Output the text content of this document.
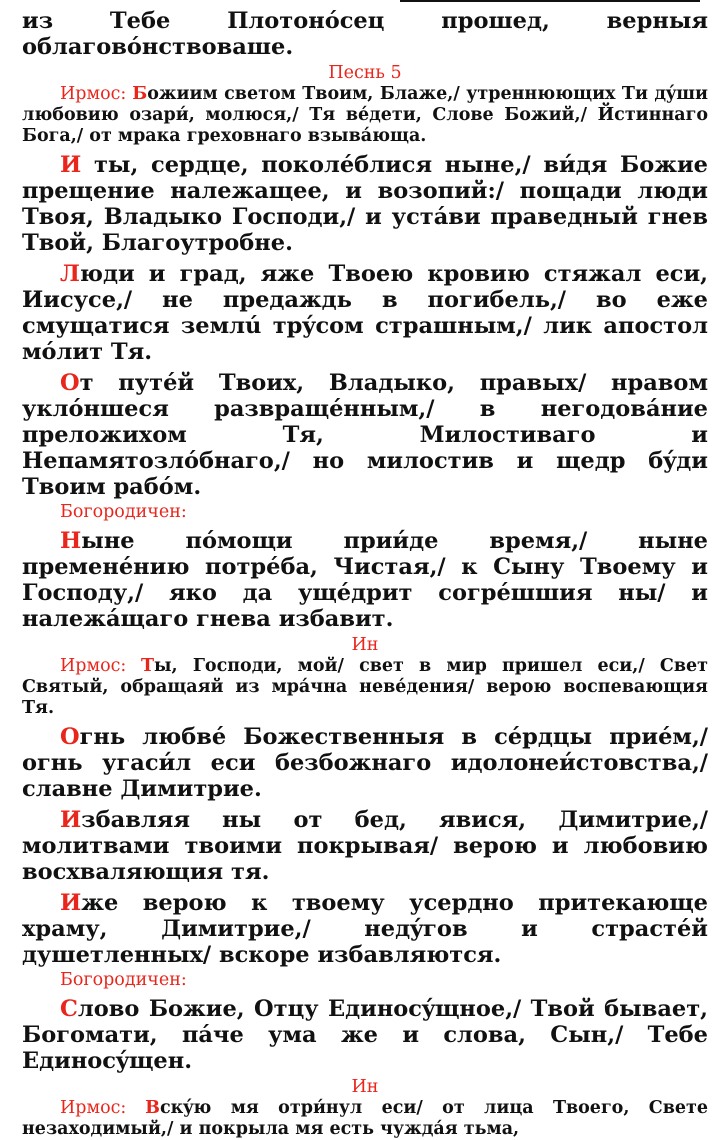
из Тебе Плотонóсец прошед, верныя облаговóнствоваше.

Песнь 5

Ирмос: Божиим светом Твоим, Блаже,/ утреннюющих Ти дýши любовию озари́, молюся,/ Тя вéдети, Слове Божий,/ Йстиннаго Бога,/ от мрака греховнаго взывáюща.

И ты, сердце, поколéблися ныне,/ ви́дя Божие прещение належащее, и возопий:/ пощади люди Твоя, Владыко Господи,/ и устáви праведный гнев Твой, Благоутробне.

Люди и град, яже Твоею кровию стяжал еси, Иисусе,/ не предаждь в погибель,/ во еже смущатися землú трýсом страшным,/ лик апостол мóлит Тя.

От путéй Твоих, Владыко, правых/ нравом уклóншеся развращéнным,/ в негодовáние преложихом Тя, Милостиваго и Непамятозлóбнаго,/ но милостив и щедр бýди Твоим рабóм.

Богородичен:

Ныне пóмощи прии́де время,/ ныне пременéнию потрéба, Чистая,/ к Сыну Твоему и Господу,/ яко да ущéдрит согрéшшия ны/ и належáщаго гнева избавит.

Ин

Ирмос: Ты, Господи, мой/ свет в мир пришел еси,/ Свет Святый, обращаяй из мрáчна невéдения/ верою воспевающия Тя.

Огнь любвé Божественныя в сéрдцы приéм,/ огнь угаси́л еси безбожнаго идолонеи́стовства,/ славне Димитрие.

Избавляя ны от бед, явися, Димитрие,/ молитвами твоими покрывая/ верою и любовию восхваляющия тя.

Иже верою к твоему усердно притекающе храму, Димитрие,/ недýгов и страстéй душетленных/ вскоре избавляются.

Богородичен:

Слово Божие, Отцу Единосýщное,/ Твой бывает, Богомати, пáче ума же и слова, Сын,/ Тебе Единосýщен.

Ин

Ирмос: Вскýю мя отри́нул еси/ от лица Твоего, Свете незаходимый,/ и покрыла мя есть чуждáя тьма,
